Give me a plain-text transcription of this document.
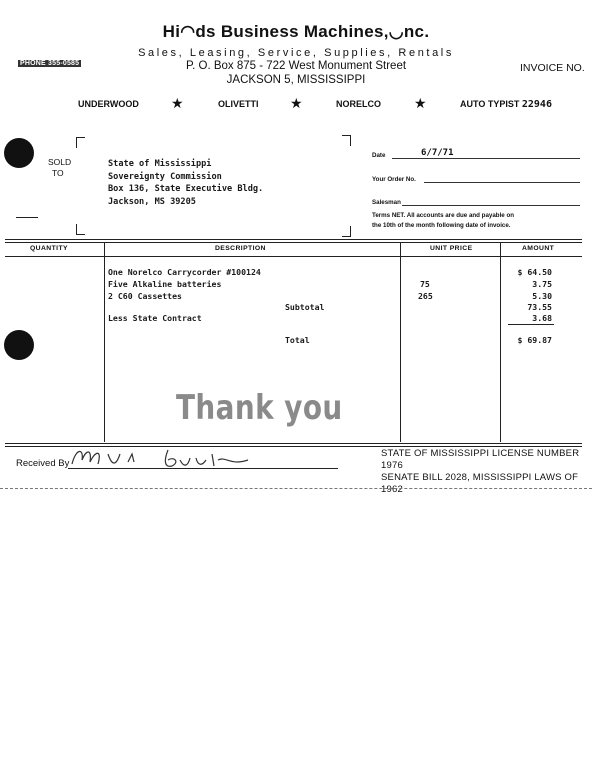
Hi◠ds Business Machines,◡nc.
Sales, Leasing, Service, Supplies, Rentals
P. O. Box 875 - 722 West Monument Street
JACKSON 5, MISSISSIPPI
PHONE 355-0585	INVOICE NO.
UNDERWOOD ★	OLIVETTI ★	NORELCO ★	AUTO TYPIST 22946
SOLD
TO
State of Mississippi
Sovereignty Commission
Box 136, State Executive Bldg.
Jackson, MS 39205
Date	6/7/71
Your Order No.
Salesman
Terms NET. All accounts are due and payable on
the 10th of the month following date of invoice.
QUANTITY	DESCRIPTION	UNIT PRICE	AMOUNT
One Norelco Carrycorder #100124	$ 64.50
Five Alkaline batteries	75	3.75
2 C60 Cassettes	265	5.30
Subtotal	73.55
Less State Contract	3.68
Total	$ 69.87
Thank you
Received By
STATE OF MISSISSIPPI LICENSE NUMBER 1976
SENATE BILL 2028, MISSISSIPPI LAWS OF 1962
